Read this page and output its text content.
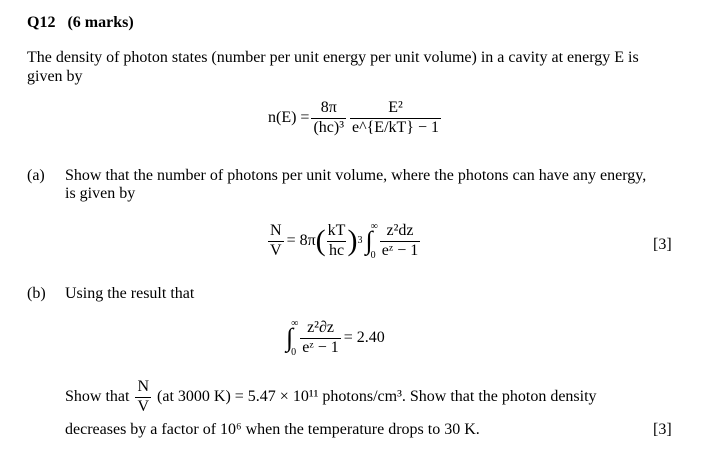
Q12 (6 marks)
The density of photon states (number per unit energy per unit volume) in a cavity at energy E is
given by
$n(E) = \frac{8\pi}{\text{(hc)³}} \frac{\text{E²}}{e\^{}\{E/kT\} - 1}$
(a) Show that the number of photons per unit volume, where the photons can have any energy,
is given by
$\frac{N}{V} = 8\pi$ ( $\frac{kT}{hc}$ ) 3 ∫
∞
$0 \frac{\text{z²dz}}{\text{eᶻ − 1}}$	[3]
(b) Using the result that
∫
∞
$0 \frac{\text{z²∂z}}{\text{eᶻ − 1}} = 2.40$
Show that $\frac{N}{V} (at$ 3000 K) = 5.47 × 10¹¹ photons/cm³. Show that the photon density
decreases by a factor of 10⁶ when the temperature drops to 30 K.	[3]
